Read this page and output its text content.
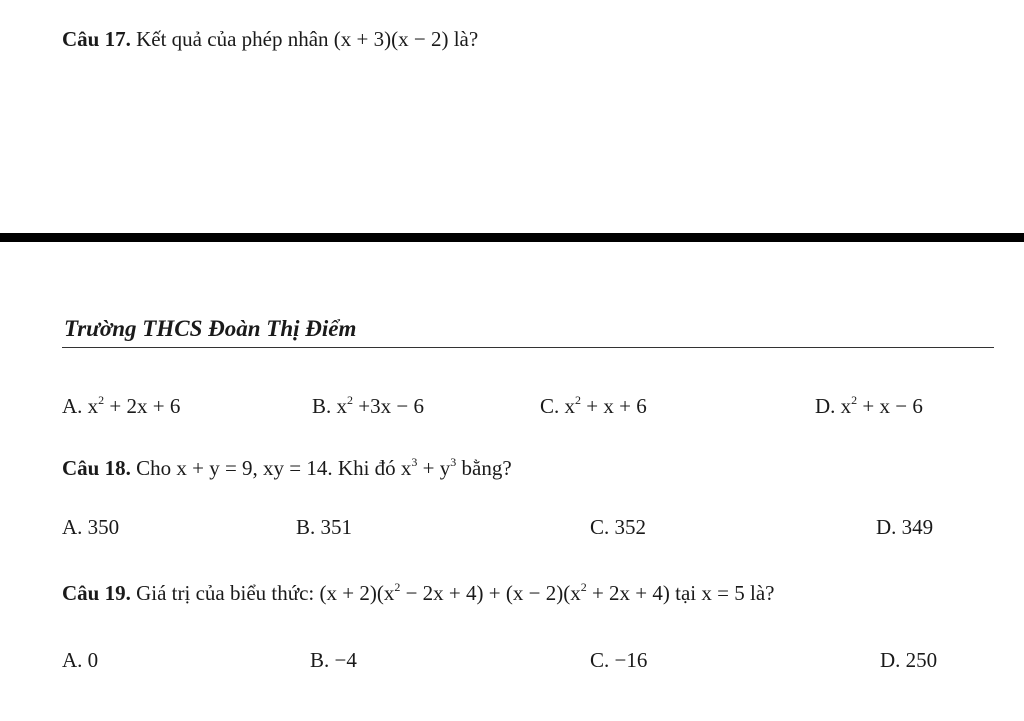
Câu 17. Kết quả của phép nhân (x + 3)(x − 2) là?
Trường THCS Đoàn Thị Điểm
A. $x^2 + 2x + 6$	B. $x^2 +3x - 6$	C. $x^2 + x + 6$	D. $x^2 + x - 6$
Câu 18. Cho x + y = 9, xy = 14. Khi đó $x^3 + y^3$ bằng?
A. 350	B. 351	C. 352	D. 349
Câu 19. Giá trị của biểu thức: $(x + 2)(x^2 - 2x + 4) + (x - 2)(x^2 + 2x + 4)$ tại x = 5 là?
A. 0	B. −4	C. −16	D. 250
